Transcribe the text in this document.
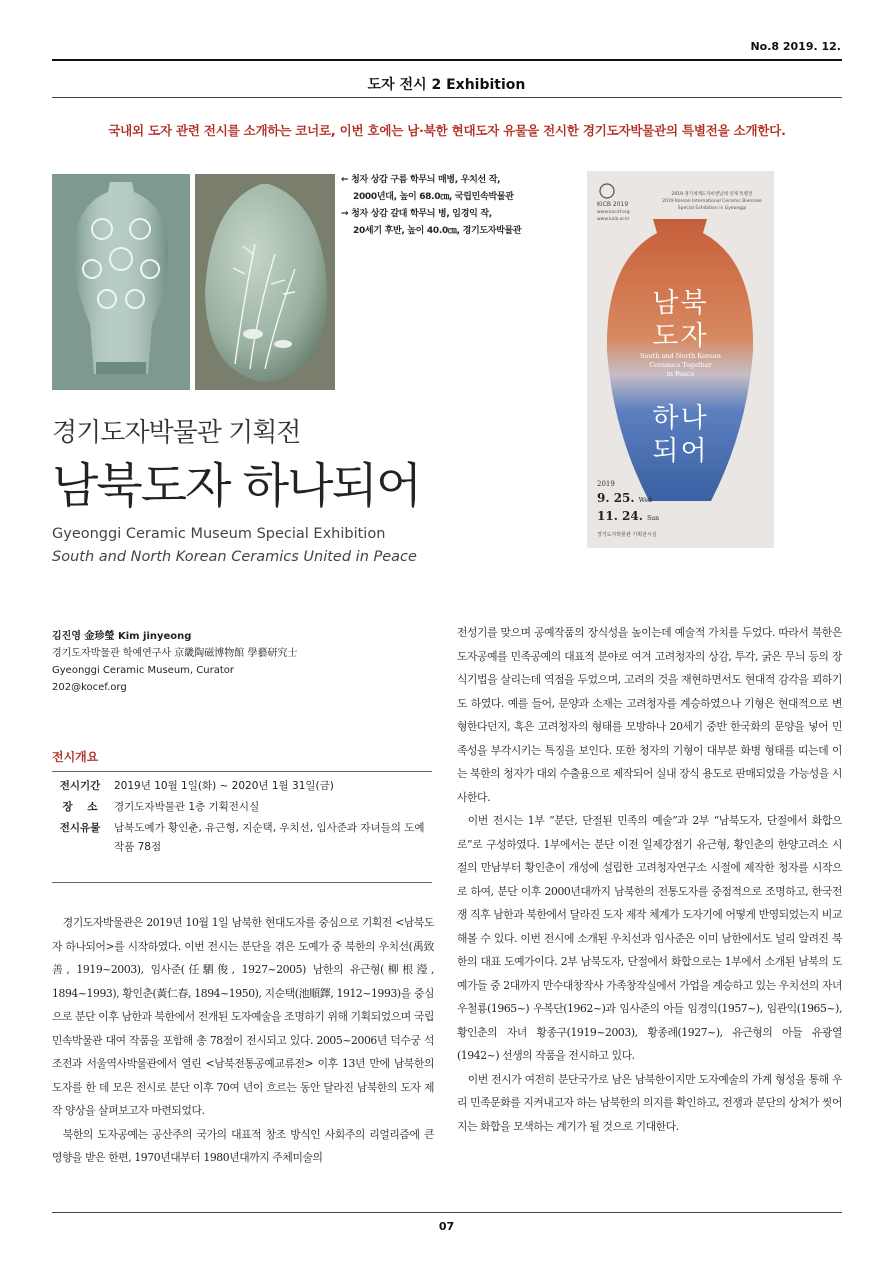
No.8 2019. 12.
도자 전시 2 Exhibition
국내외 도자 관련 전시를 소개하는 코너로, 이번 호에는 남·북한 현대도자 유물을 전시한 경기도자박물관의 특별전을 소개한다.

← 청자 상감 구름 학무늬 매병, 우치선 작,

2000년대, 높이 68.0㎝, 국립민속박물관

→ 청자 상감 갈대 학무늬 병, 임경익 작,

20세기 후반, 높이 40.0㎝, 경기도자박물관

KICB 2019
www.kocef.org
www.kicb.or.kr
2019 경기세계도자비엔날레 연계 특별전
2019 Korean International Ceramic Biennale
Special Exhibition in Gyeonggi
남북
도자
South and North Korean
Ceramics Together
in Peace
하나
되어
2019
9. 25. Wed
11. 24. Sun
경기도자박물관 기획전시실
경기도자박물관 기획전
남북도자 하나되어
Gyeonggi Ceramic Museum Special Exhibition
South and North Korean Ceramics United in Peace

김진영 金珍瑩 Kim jinyeong

경기도자박물관 학예연구사 京畿陶磁博物館 學藝研究士

Gyeonggi Ceramic Museum, Curator

202@kocef.org

전시개요
전시기간	2019년 10월 1일(화) ~ 2020년 1월 31일(금)
장    소	경기도자박물관 1층 기획전시실
전시유물	남북도예가 황인춘, 유근형, 지순택, 우치선, 임사준과 자녀들의 도예작품 78점

경기도자박물관은 2019년 10월 1일 남북한 현대도자를 중심으로 기획전 <남북도자 하나되어>를 시작하였다. 이번 전시는 분단을 겪은 도예가 중 북한의 우치선(禹致善, 1919~2003), 임사준(任駟俊, 1927~2005) 남한의 유근형(柳根瀅, 1894~1993), 황인춘(黃仁春, 1894~1950), 지순택(池順鐸, 1912~1993)을 중심으로 분단 이후 남한과 북한에서 전개된 도자예술을 조명하기 위해 기획되었으며 국립민속박물관 대여 작품을 포함해 총 78점이 전시되고 있다. 2005~2006년 덕수궁 석조전과 서울역사박물관에서 열린 <남북전통공예교류전> 이후 13년 만에 남북한의 도자를 한 데 모은 전시로 분단 이후 70여 년이 흐르는 동안 달라진 남북한의 도자 제작 양상을 살펴보고자 마련되었다.

북한의 도자공예는 공산주의 국가의 대표적 창조 방식인 사회주의 리얼리즘에 큰 영향을 받은 한편, 1970년대부터 1980년대까지 주체미술의

전성기를 맞으며 공예작품의 장식성을 높이는데 예술적 가치를 두었다. 따라서 북한은 도자공예를 민족공예의 대표적 분야로 여겨 고려청자의 상감, 투각, 굵은 무늬 등의 장식기법을 살리는데 역점을 두었으며, 고려의 것을 재현하면서도 현대적 감각을 꾀하기도 하였다. 예를 들어, 문양과 소재는 고려청자를 계승하였으나 기형은 현대적으로 변형한다던지, 혹은 고려청자의 형태를 모방하나 20세기 중반 한국화의 문양을 넣어 민족성을 부각시키는 특징을 보인다. 또한 청자의 기형이 대부분 화병 형태를 띠는데 이는 북한의 청자가 대외 수출용으로 제작되어 실내 장식 용도로 판매되었을 가능성을 시사한다.

이번 전시는 1부 “분단, 단절된 민족의 예술”과 2부 “남북도자, 단절에서 화합으로”로 구성하였다. 1부에서는 분단 이전 일제강점기 유근형, 황인춘의 한양고려소 시절의 만남부터 황인춘이 개성에 설립한 고려청자연구소 시절에 제작한 청자를 시작으로 하여, 분단 이후 2000년대까지 남북한의 전통도자를 중점적으로 조명하고, 한국전쟁 직후 남한과 북한에서 달라진 도자 제작 체계가 도자기에 어떻게 반영되었는지 비교해볼 수 있다. 이번 전시에 소개된 우치선과 임사준은 이미 남한에서도 널리 알려진 북한의 대표 도예가이다. 2부 남북도자, 단절에서 화합으로는 1부에서 소개된 남북의 도예가들 중 2대까지 만수대창작사 가족창작실에서 가업을 계승하고 있는 우치선의 자녀 우철룡(1965~) 우복단(1962~)과 임사준의 아들 임경익(1957~), 임관익(1965~), 황인춘의 자녀 황종구(1919~2003), 황종례(1927~), 유근형의 아들 유광열(1942~) 선생의 작품을 전시하고 있다.

이번 전시가 여전히 분단국가로 남은 남북한이지만 도자예술의 가계 형성을 통해 우리 민족문화를 지켜내고자 하는 남북한의 의지를 확인하고, 전쟁과 분단의 상처가 씻어지는 화합을 모색하는 계기가 될 것으로 기대한다.

07
